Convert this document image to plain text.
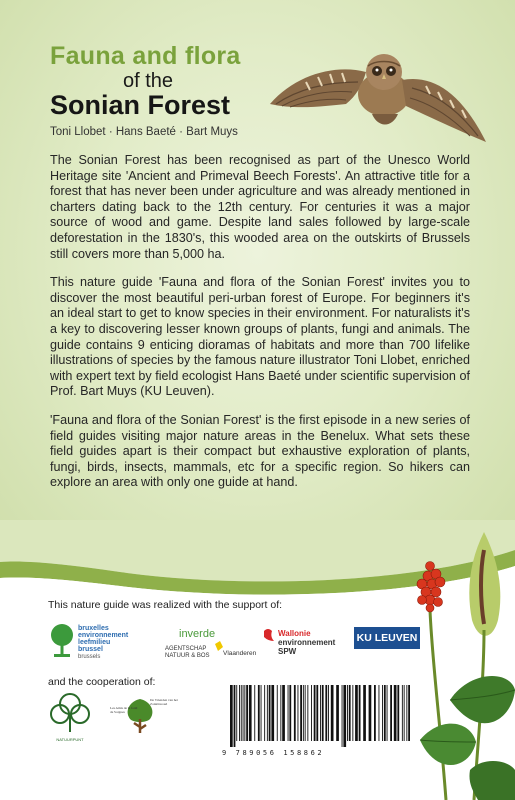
Fauna and flora
of the
Sonian Forest
Toni Llobet · Hans Baeté · Bart Muys

The Sonian Forest has been recognised as part of the Unesco World Heritage site 'Ancient and Primeval Beech Forests'. An attractive title for a forest that has never been under agriculture and was already mentioned in charters dating back to the 12th century. For centuries it was a major source of wood and game. Despite land sales followed by large-scale deforestation in the 1830's, this wooded area on the outskirts of Brussels still covers more than 5,000 ha.

This nature guide 'Fauna and flora of the Sonian Forest' invites you to discover the most beautiful peri-urban forest of Europe. For beginners it's an ideal start to get to know species in their environment. For naturalists it's a key to discovering lesser known groups of plants, fungi and animals. The guide contains 9 enticing dioramas of habitats and more than 700 lifelike illustrations of species by the famous nature illustrator Toni Llobet, enriched with expert text by field ecologist Hans Baeté under scientific supervision of Prof. Bart Muys (KU Leuven).

'Fauna and flora of the Sonian Forest' is the first episode in a new series of field guides visiting major nature areas in the Benelux. What sets these field guides apart is their compact but exhaustive exploration of plants, fungi, birds, insects, mammals, etc for a specific region. So hikers can explore an area with only one guide at hand.

This nature guide was realized with the support of:
bruxelles
environnement
leefmilieu
brussel
brussels
inverde
AGENTSCHAP
NATUUR & BOS Vlaanderen
Wallonie
environnement
SPW
KU LEUVEN
and the cooperation of:
NATUURPUNT
Les Amis de la forêt
de Soignes
De Vrienden van het
Zoniënwoud
9 789056 158862
